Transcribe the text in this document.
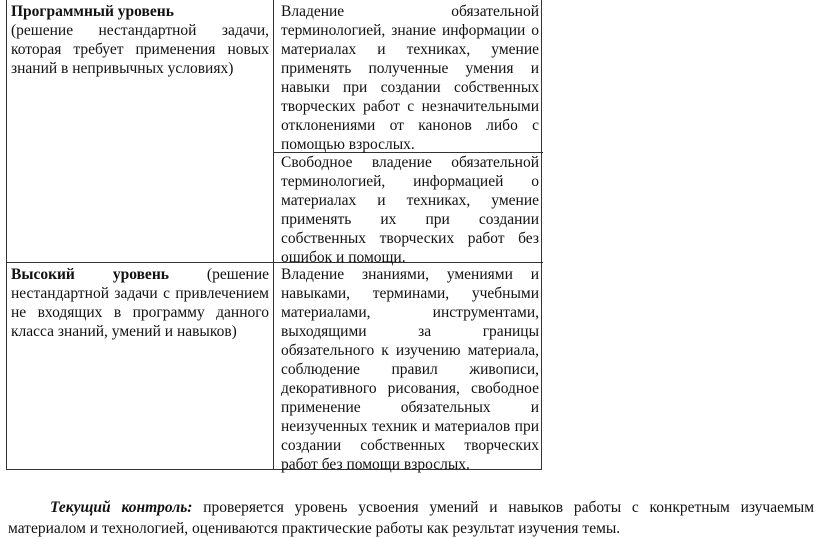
Программный уровень
(решение нестандартной задачи, которая требует применения новых знаний в непривычных условиях)

Владение обязательной терминологией, знание информации о материалах и техниках, умение применять полученные умения и навыки при создании собственных творческих работ с незначительными отклонениями от канонов либо с помощью взрослых.

Свободное владение обязательной терминологией, информацией о материалах и техниках, умение применять их при создании собственных творческих работ без ошибок и помощи.

Высокий уровень (решение нестандартной задачи с привлечением не входящих в программу данного класса знаний, умений и навыков)

Владение знаниями, умениями и навыками, терминами, учебными материалами, инструментами, выходящими за границы обязательного к изучению материала, соблюдение правил живописи, декоративного рисования, свободное применение обязательных и неизученных техник и материалов при создании собственных творческих работ без помощи взрослых.

Текущий контроль: проверяется уровень усвоения умений и навыков работы с конкретным изучаемым материалом и технологией, оцениваются практические работы как результат изучения темы.
